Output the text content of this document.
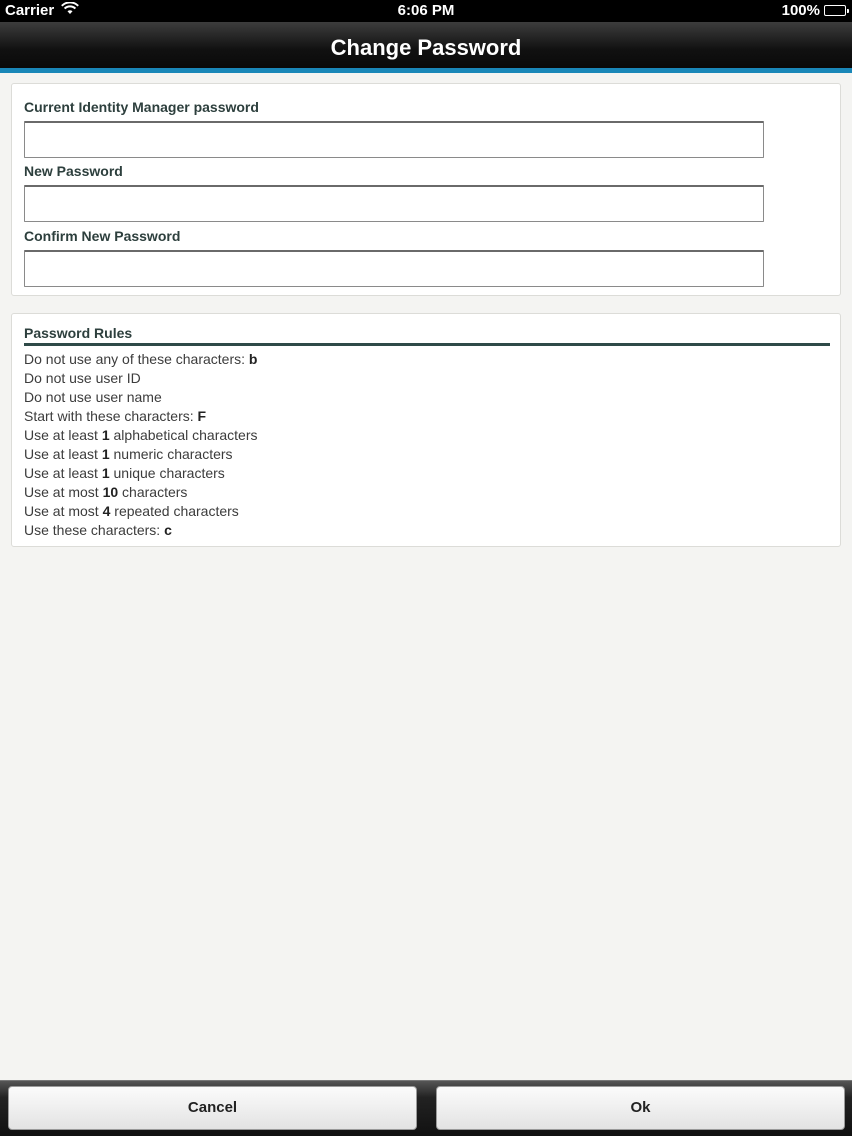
Carrier	6:06 PM	100%
Change Password
Current Identity Manager password
New Password
Confirm New Password
Password Rules
Do not use any of these characters: b
Do not use user ID
Do not use user name
Start with these characters: F
Use at least 1 alphabetical characters
Use at least 1 numeric characters
Use at least 1 unique characters
Use at most 10 characters
Use at most 4 repeated characters
Use these characters: c
Cancel	Ok
